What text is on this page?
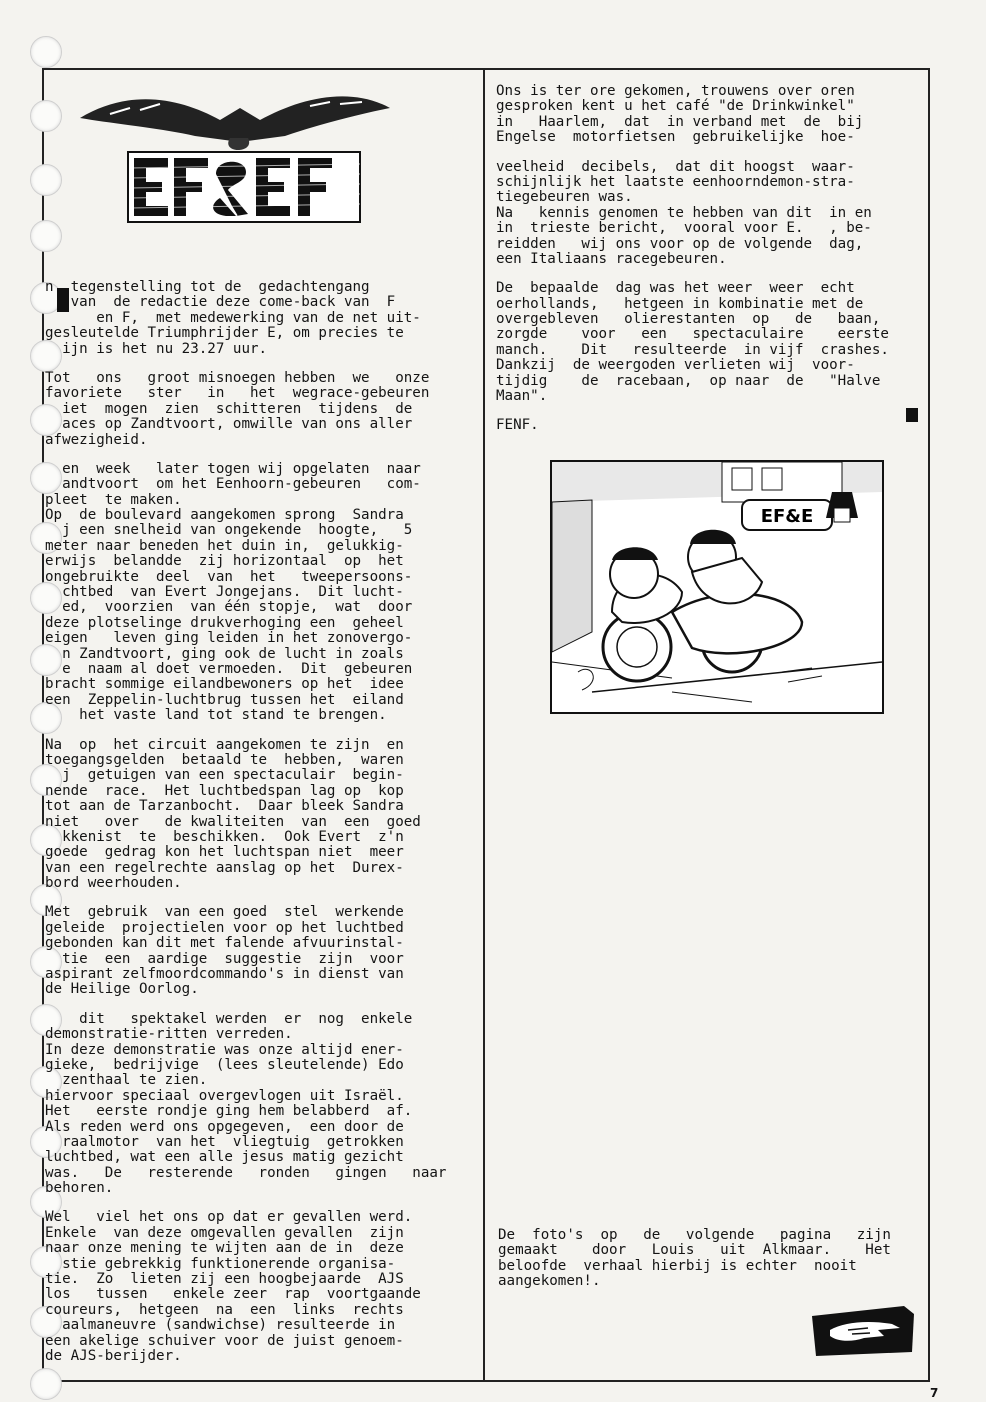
EF&EF
n  tegenstelling tot de  gedachtengang
van  de redactie deze come-back van  F
en F,  met medewerking van de net uit-
gesleutelde Triumphrijder E, om precies te
ijn is het nu 23.27 uur.
Tot   ons   groot misnoegen hebben  we   onze
favoriete   ster   in   het  wegrace-gebeuren
iet  mogen  zien  schitteren  tijdens  de
aces op Zandtvoort, omwille van ons aller
afwezigheid.
en  week   later togen wij opgelaten  naar
andtvoort  om het Eenhoorn-gebeuren   com-
pleet  te maken.
Op  de boulevard aangekomen sprong  Sandra
j een snelheid van ongekende  hoogte,   5
meter naar beneden het duin in,  gelukkig-
erwijs  belandde  zij horizontaal  op  het
ongebruikte  deel  van  het   tweepersoons-
chtbed  van Evert Jongejans.  Dit lucht-
ed,  voorzien  van één stopje,  wat  door
deze plotselinge drukverhoging een  geheel
eigen   leven ging leiden in het zonovergo-
n Zandtvoort, ging ook de lucht in zoals
e  naam al doet vermoeden.  Dit  gebeuren
bracht sommige eilandbewoners op het  idee
een  Zeppelin-luchtbrug tussen het  eiland
het vaste land tot stand te brengen.
Na  op  het circuit aangekomen te zijn  en
toegangsgelden  betaald te  hebben,  waren
j  getuigen van een spectaculair  begin-
nende  race.  Het luchtbedspan lag op  kop
tot aan de Tarzanbocht.  Daar bleek Sandra
niet   over   de kwaliteiten  van  een  goed
kkenist  te  beschikken.  Ook Evert  z'n
goede  gedrag kon het luchtspan niet  meer
van een regelrechte aanslag op het  Durex-
bord weerhouden.
Met  gebruik  van een goed  stel  werkende
geleide  projectielen voor op het luchtbed
gebonden kan dit met falende afvuurinstal-
tie  een  aardige  suggestie  zijn  voor
aspirant zelfmoordcommando's in dienst van
de Heilige Oorlog.
dit   spektakel werden  er  nog  enkele
demonstratie-ritten verreden.
In deze demonstratie was onze altijd ener-
gieke,  bedrijvige  (lees sleutelende) Edo
zenthaal te zien.
hiervoor speciaal overgevlogen uit Israël.
Het   eerste rondje ging hem belabberd  af.
Als reden werd ons opgegeven,  een door de
raalmotor  van het  vliegtuig  getrokken
luchtbed, wat een alle jesus matig gezicht
was.   De   resterende   ronden   gingen   naar
behoren.
Wel   viel het ons op dat er gevallen werd.
Enkele  van deze omgevallen gevallen  zijn
naar onze mening te wijten aan de in  deze
stie gebrekkig funktionerende organisa-
tie.  Zo  lieten zij een hoogbejaarde  AJS
los   tussen   enkele zeer  rap  voortgaande
coureurs,  hetgeen  na  een  links  rechts
aalmaneuvre (sandwichse) resulteerde in
een akelige schuiver voor de juist genoem-
de AJS-berijder.
Ons is ter ore gekomen, trouwens over oren
gesproken kent u het café "de Drinkwinkel"
in   Haarlem,  dat  in verband met  de  bij
Engelse  motorfietsen  gebruikelijke  hoe-
veelheid  decibels,  dat dit hoogst  waar-
schijnlijk het laatste eenhoorndemon-stra-
tiegebeuren was.
Na   kennis genomen te hebben van dit  in en
in  trieste bericht,  vooral voor E.   , be-
reidden   wij ons voor op de volgende  dag,
een Italiaans racegebeuren.
De  bepaalde  dag was het weer  weer  echt
oerhollands,   hetgeen in kombinatie met de
overgebleven   olierestanten  op   de   baan,
zorgde    voor   een   spectaculaire    eerste
manch.    Dit   resulteerde  in vijf  crashes.
Dankzij  de weergoden verlieten wij  voor-
tijdig    de  racebaan,  op naar  de   "Halve
Maan".
FENF.
EF&E
De  foto's  op   de   volgende   pagina   zijn
gemaakt    door   Louis   uit  Alkmaar.    Het
beloofde  verhaal hierbij is echter  nooit
aangekomen!.
7
